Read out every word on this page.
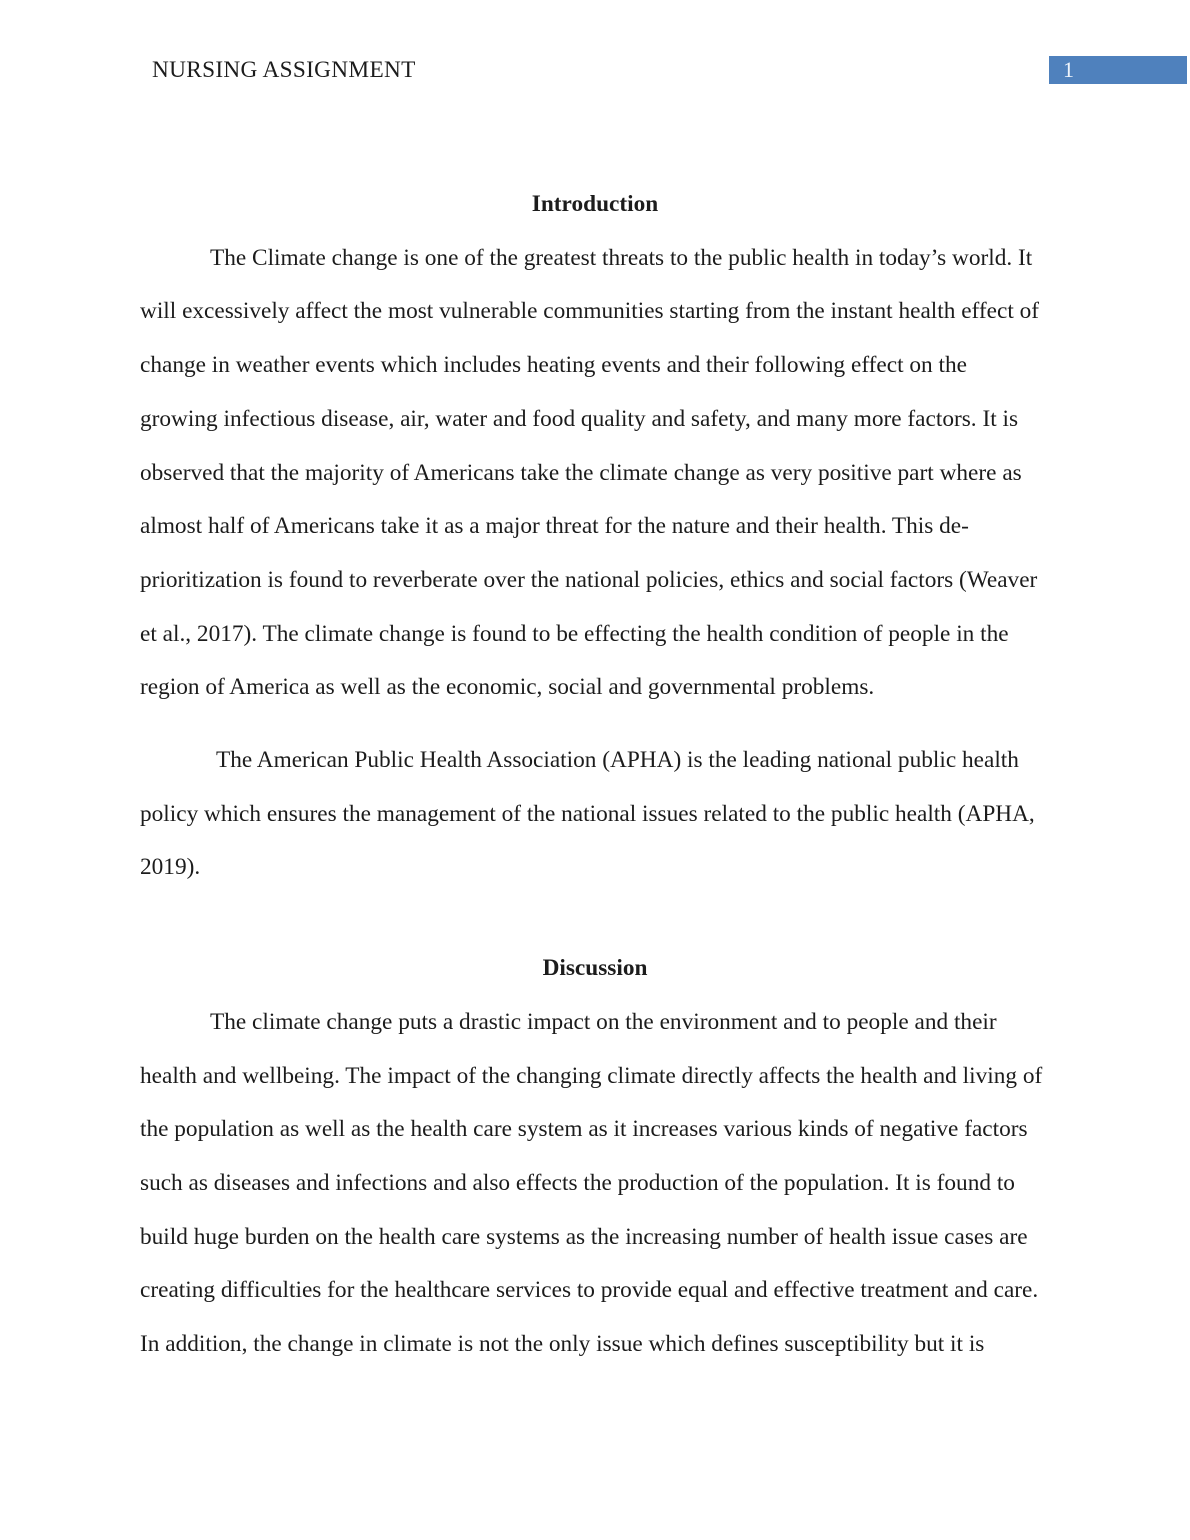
NURSING ASSIGNMENT	1
Introduction

The Climate change is one of the greatest threats to the public health in today’s world. It will excessively affect the most vulnerable communities starting from the instant health effect of change in weather events which includes heating events and their following effect on the growing infectious disease, air, water and food quality and safety, and many more factors. It is observed that the majority of Americans take the climate change as very positive part where as almost half of Americans take it as a major threat for the nature and their health. This de-prioritization is found to reverberate over the national policies, ethics and social factors (Weaver et al., 2017). The climate change is found to be effecting the health condition of people in the region of America as well as the economic, social and governmental problems.

The American Public Health Association (APHA) is the leading national public health policy which ensures the management of the national issues related to the public health (APHA, 2019).

Discussion

The climate change puts a drastic impact on the environment and to people and their health and wellbeing. The impact of the changing climate directly affects the health and living of the population as well as the health care system as it increases various kinds of negative factors such as diseases and infections and also effects the production of the population. It is found to build huge burden on the health care systems as the increasing number of health issue cases are creating difficulties for the healthcare services to provide equal and effective treatment and care. In addition, the change in climate is not the only issue which defines susceptibility but it is
